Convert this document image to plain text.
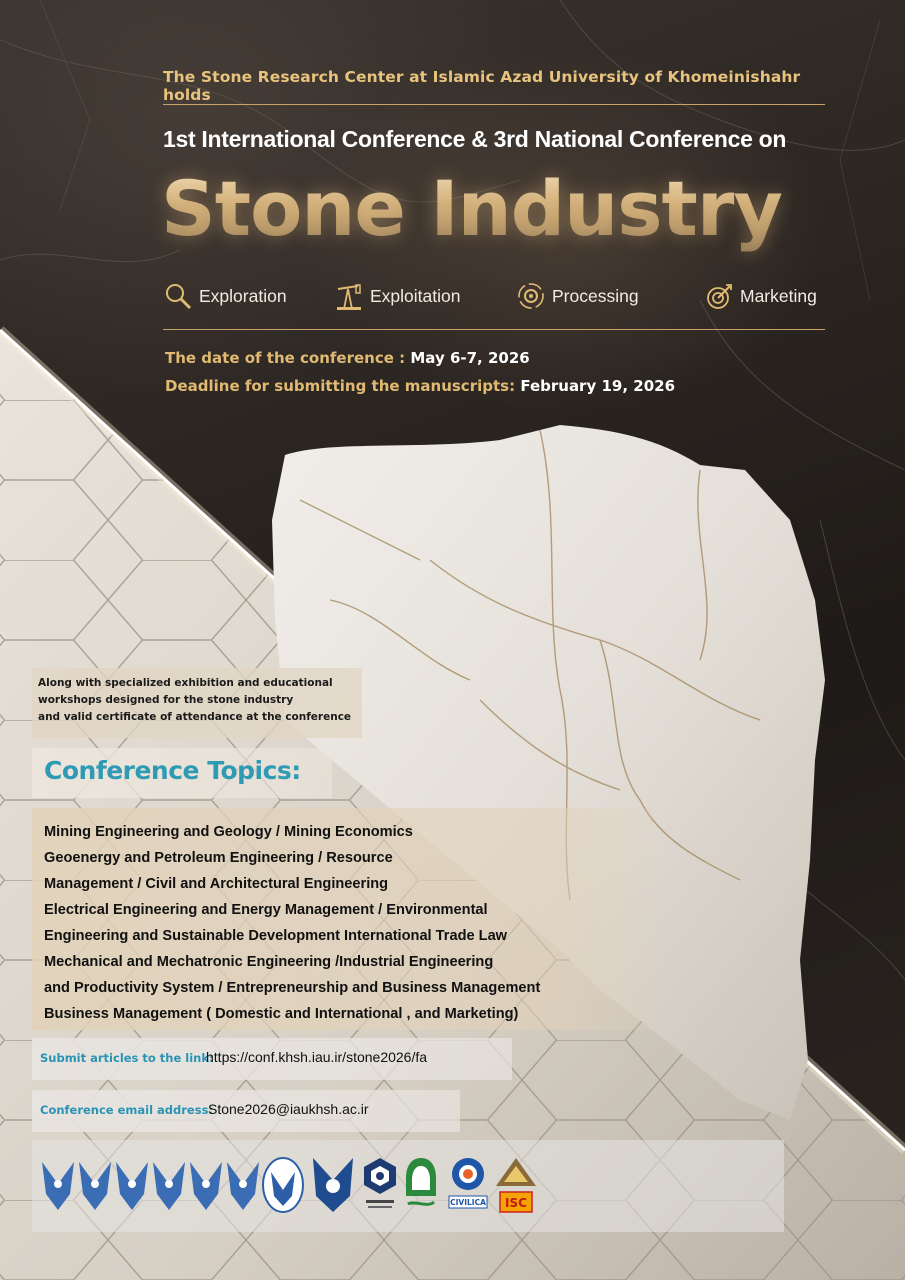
The Stone Research Center at Islamic Azad University of Khomeinishahr holds
1st International Conference & 3rd National Conference on
Stone Industry
Exploration	Exploitation	Processing	Marketing
The date of the conference : May 6-7, 2026
Deadline for submitting the manuscripts: February 19, 2026
Along with specialized exhibition and educational
workshops designed for the stone industry
and valid certificate of attendance at the conference
Conference Topics:
Mining Engineering and Geology / Mining Economics
Geoenergy and Petroleum Engineering / Resource
Management / Civil and Architectural Engineering
Electrical Engineering and Energy Management / Environmental
Engineering and Sustainable Development International Trade Law
Mechanical and Mechatronic Engineering /Industrial Engineering
and Productivity System / Entrepreneurship and Business Management
Business Management ( Domestic and International , and Marketing)
Submit articles to the link:
https://conf.khsh.iau.ir/stone2026/fa
Conference email address:
Stone2026@iaukhsh.ac.ir
CIVILICA ISC
